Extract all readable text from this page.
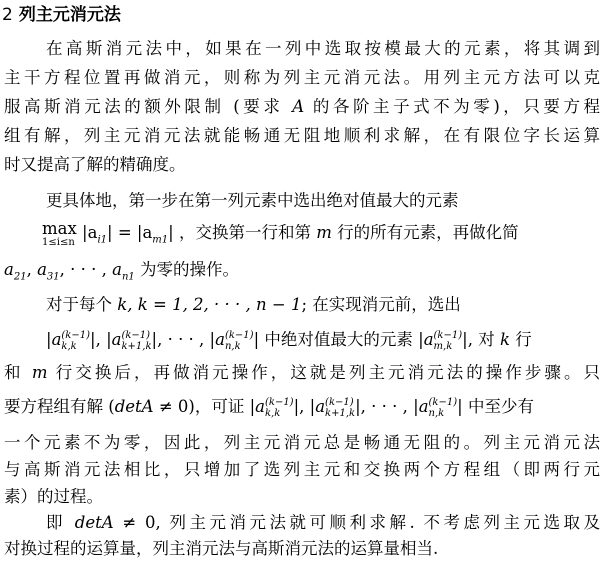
2 列主元消元法
在高斯消元法中，如果在一列中选取按模最大的元素，将其调到
主干方程位置再做消元，则称为列主元消元法。用列主元方法可以克
服高斯消元法的额外限制 (要求 A 的各阶主子式不为零)，只要方程
组有解，列主元消元法就能畅通无阻地顺利求解，在有限位字长运算
时又提高了解的精确度。
更具体地，第一步在第一列元素中选出绝对值最大的元素
max
1≤i≤n
$|a_{i1}| = |a_{m1}|$ ，交换第一行和第 m 行的所有元素，再做化简
$a_{21}$, $a_{31}$, · · · , $a_{n1}$ 为零的操作。
对于每个 k, k = 1, 2, · · · , n − 1; 在实现消元前，选出
|a (k−1)
k,k |, |a (k−1)
k+1,k |, · · · , |a (k−1)
n,k | 中绝对值最大的元素 |a (k−1)
m,k |, 对 k 行
和 m 行交换后，再做消元操作，这就是列主元消元法的操作步骤。只
要方程组有解 (detA ≠ 0)，可证 |a (k−1)
k,k |, |a (k−1)
k+1,k |, · · · , |a (k−1)
n,k | 中至少有
一个元素不为零，因此，列主元消元总是畅通无阻的。列主元消元法
与高斯消元法相比，只增加了选列主元和交换两个方程组（即两行元
素）的过程。
即 detA ≠ 0, 列主元消元法就可顺利求解. 不考虑列主元选取及
对换过程的运算量，列主消元法与高斯消元法的运算量相当.
